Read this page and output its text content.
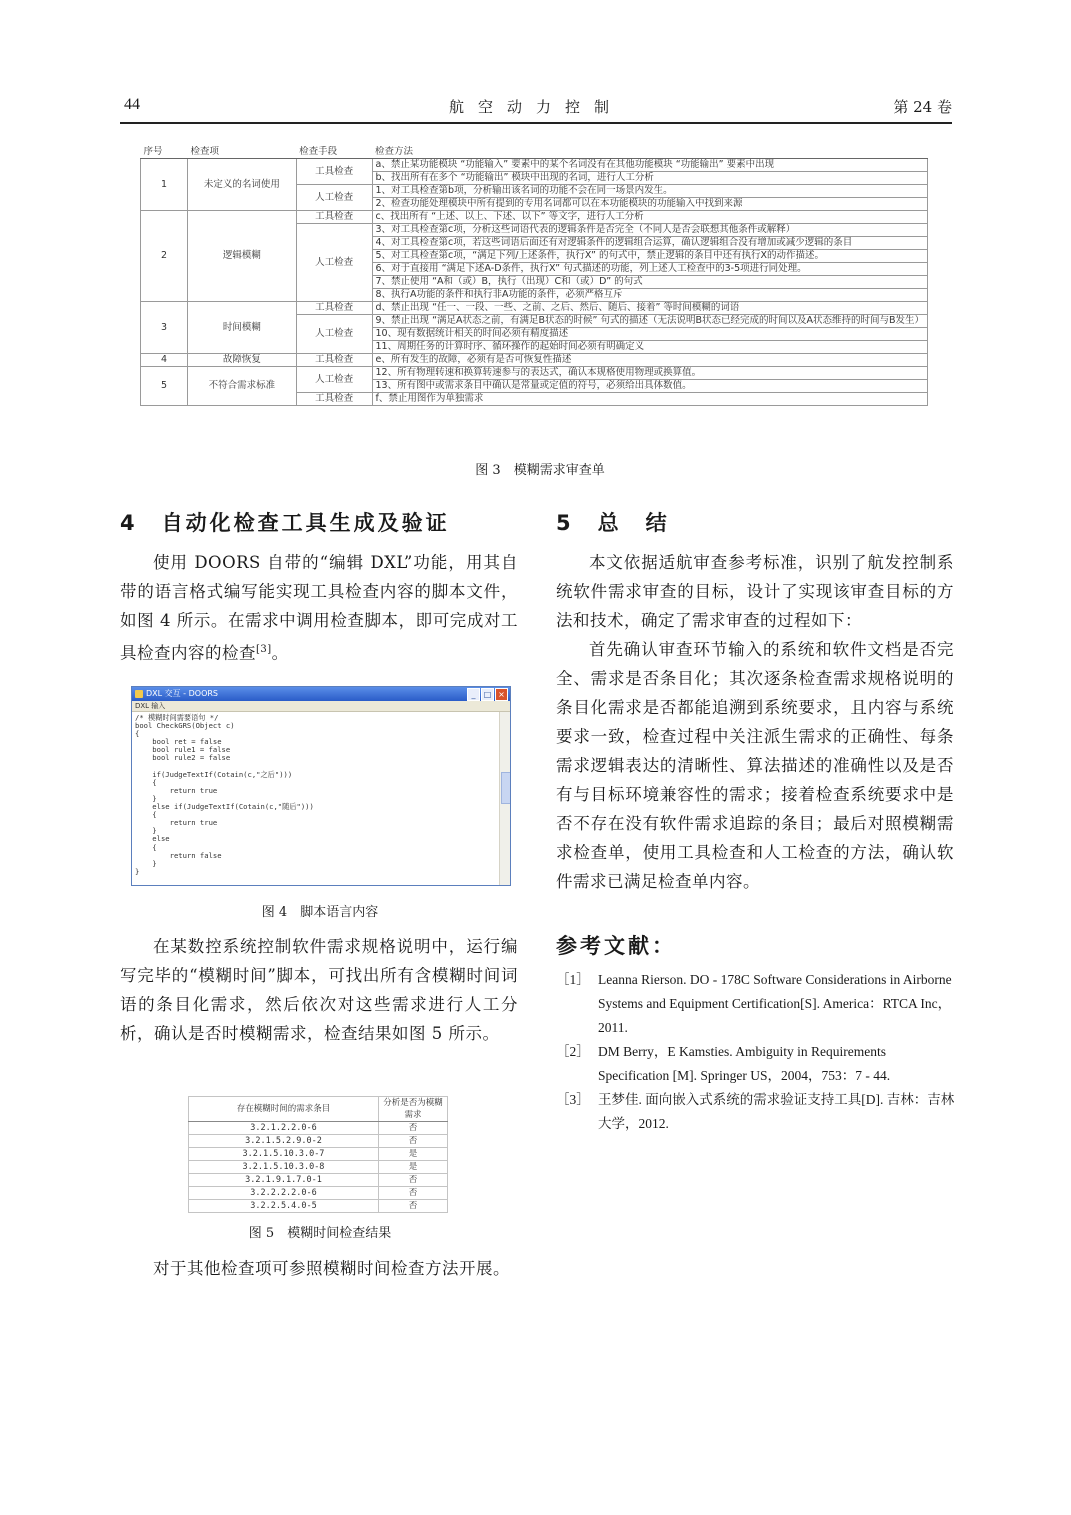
44	航空动力控制	第 24 卷
序号	检查项	检查手段	检查方法
1	未定义的名词使用	工具检查	a、禁止某功能模块 “功能输入” 要素中的某个名词没有在其他功能模块 “功能输出” 要素中出现
			b、找出所有在多个 “功能输出” 模块中出现的名词，进行人工分析
		人工检查	1、对工具检查第b项，分析输出该名词的功能不会在同一场景内发生。
			2、检查功能处理模块中所有提到的专用名词都可以在本功能模块的功能输入中找到来源
2	逻辑模糊	工具检查	c、找出所有 “上述、以上、下述、以下” 等文字，进行人工分析
		人工检查	3、对工具检查第c项，分析这些词语代表的逻辑条件是否完全（不同人是否会联想其他条件或解释）
			4、对工具检查第c项，若这些词语后面还有对逻辑条件的逻辑组合运算，确认逻辑组合没有增加或减少逻辑的条目
			5、对工具检查第c项，“满足下列/上述条件，执行X” 的句式中，禁止逻辑的条目中还有执行X的动作描述。
			6、对于直接用 “满足下述A-D条件，执行X” 句式描述的功能，列上述人工检查中的3-5项进行同处理。
			7、禁止使用 “A和（或）B，执行（出现）C和（或）D” 的句式
			8、执行A功能的条件和执行非A功能的条件，必须严格互斥
3	时间模糊	工具检查	d、禁止出现 “任一、一段、一些、之前、之后、然后、随后、接着” 等时间模糊的词语
		人工检查	9、禁止出现 “满足A状态之前，有满足B状态的时候” 句式的描述（无法说明B状态已经完成的时间以及A状态维持的时间与B发生）
			10、现有数据统计相关的时间必须有精度描述
			11、周期任务的计算时序、循环操作的起始时间必须有明确定义
4	故障恢复	工具检查	e、所有发生的故障，必须有是否可恢复性描述
5	不符合需求标准	人工检查	12、所有物理转速和换算转速参与的表达式，确认本规格使用物理或换算值。
			13、所有图中或需求条目中确认是常量或定值的符号，必须给出具体数值。
		工具检查	f、禁止用图作为单独需求
图 3　模糊需求审查单
4　自动化检查工具生成及验证

使用 DOORS 自带的“编辑 DXL”功能，用其自带的语言格式编写能实现工具检查内容的脚本文件，如图 4 所示。在需求中调用检查脚本，即可完成对工具检查内容的检查[3]。

DXL 交互 - DOORS	_ □ ×
DXL 输入
/* 模糊时间需要语句 */
bool CheckGRS(Object c)
{
bool ret = false
bool rule1 = false
bool rule2 = false

if(JudgeTextIf(Cotain(c,"之后")))
{
return true
}
else if(JudgeTextIf(Cotain(c,"随后")))
{
return true
}
else
{
return false
}
}
图 4　脚本语言内容

在某数控系统控制软件需求规格说明中，运行编写完毕的“模糊时间”脚本，可找出所有含模糊时间词语的条目化需求，然后依次对这些需求进行人工分析，确认是否时模糊需求，检查结果如图 5 所示。

存在模糊时间的需求条目	分析是否为模糊需求
3.2.1.2.2.0-6	否
3.2.1.5.2.9.0-2	否
3.2.1.5.10.3.0-7	是
3.2.1.5.10.3.0-8	是
3.2.1.9.1.7.0-1	否
3.2.2.2.2.0-6	否
3.2.2.5.4.0-5	否
图 5　模糊时间检查结果

对于其他检查项可参照模糊时间检查方法开展。

5　总　结

本文依据适航审查参考标准，识别了航发控制系统软件需求审查的目标，设计了实现该审查目标的方法和技术，确定了需求审查的过程如下：

首先确认审查环节输入的系统和软件文档是否完全、需求是否条目化；其次逐条检查需求规格说明的条目化需求是否都能追溯到系统要求，且内容与系统要求一致，检查过程中关注派生需求的正确性、每条需求逻辑表达的清晰性、算法描述的准确性以及是否有与目标环境兼容性的需求；接着检查系统要求中是否不存在没有软件需求追踪的条目；最后对照模糊需求检查单，使用工具检查和人工检查的方法，确认软件需求已满足检查单内容。

参考文献：

［1］ Leanna Rierson. DO - 178C Software Considerations in Airborne Systems and Equipment Certification[S]. America：RTCA Inc，2011.

［2］ DM Berry，E Kamsties. Ambiguity in Requirements Specification [M]. Springer US，2004，753：7 - 44.

［3］ 王梦佳. 面向嵌入式系统的需求验证支持工具[D]. 吉林：吉林大学，2012.
